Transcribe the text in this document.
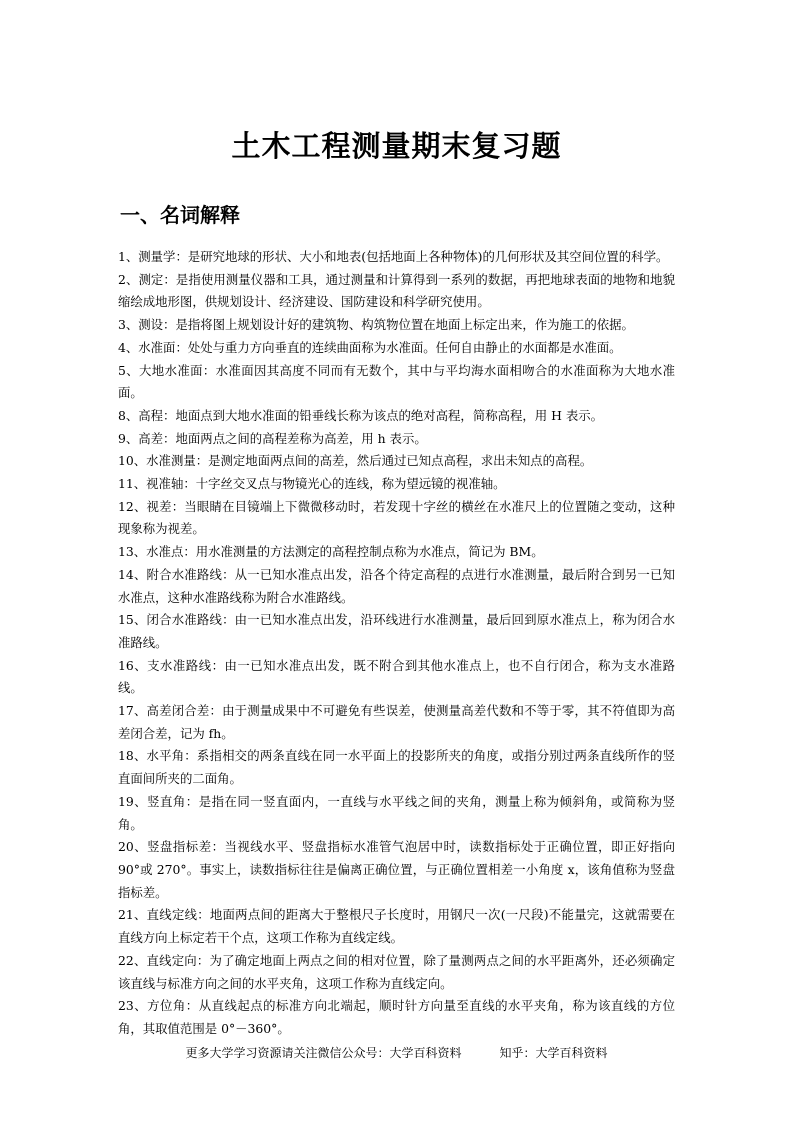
土木工程测量期末复习题
一、名词解释

1、测量学：是研究地球的形状、大小和地表(包括地面上各种物体)的几何形状及其空间位置的科学。

2、测定：是指使用测量仪器和工具，通过测量和计算得到一系列的数据，再把地球表面的地物和地貌缩绘成地形图，供规划设计、经济建设、国防建设和科学研究使用。

3、测设：是指将图上规划设计好的建筑物、构筑物位置在地面上标定出来，作为施工的依据。

4、水准面：处处与重力方向垂直的连续曲面称为水准面。任何自由静止的水面都是水准面。

5、大地水准面：水准面因其高度不同而有无数个，其中与平均海水面相吻合的水准面称为大地水准面。

8、高程：地面点到大地水准面的铅垂线长称为该点的绝对高程，简称高程，用 H 表示。

9、高差：地面两点之间的高程差称为高差，用 h 表示。

10、水准测量：是测定地面两点间的高差，然后通过已知点高程，求出未知点的高程。

11、视准轴：十字丝交叉点与物镜光心的连线，称为望远镜的视准轴。

12、视差：当眼睛在目镜端上下微微移动时，若发现十字丝的横丝在水准尺上的位置随之变动，这种现象称为视差。

13、水准点：用水准测量的方法测定的高程控制点称为水准点，简记为 BM。

14、附合水准路线：从一已知水准点出发，沿各个待定高程的点进行水准测量，最后附合到另一已知水准点，这种水准路线称为附合水准路线。

15、闭合水准路线：由一已知水准点出发，沿环线进行水准测量，最后回到原水准点上，称为闭合水准路线。

16、支水准路线：由一已知水准点出发，既不附合到其他水准点上，也不自行闭合，称为支水准路线。

17、高差闭合差：由于测量成果中不可避免有些误差，使测量高差代数和不等于零，其不符值即为高差闭合差，记为 fh。

18、水平角：系指相交的两条直线在同一水平面上的投影所夹的角度，或指分别过两条直线所作的竖直面间所夹的二面角。

19、竖直角：是指在同一竖直面内，一直线与水平线之间的夹角，测量上称为倾斜角，或简称为竖角。

20、竖盘指标差：当视线水平、竖盘指标水准管气泡居中时，读数指标处于正确位置，即正好指向 90°或 270°。事实上，读数指标往往是偏离正确位置，与正确位置相差一小角度 x，该角值称为竖盘指标差。

21、直线定线：地面两点间的距离大于整根尺子长度时，用钢尺一次(一尺段)不能量完，这就需要在直线方向上标定若干个点，这项工作称为直线定线。

22、直线定向：为了确定地面上两点之间的相对位置，除了量测两点之间的水平距离外，还必须确定该直线与标准方向之间的水平夹角，这项工作称为直线定向。

23、方位角：从直线起点的标准方向北端起，顺时针方向量至直线的水平夹角，称为该直线的方位角，其取值范围是 0°－360°。

更多大学学习资源请关注微信公众号：大学百科资料	知乎：大学百科资料
